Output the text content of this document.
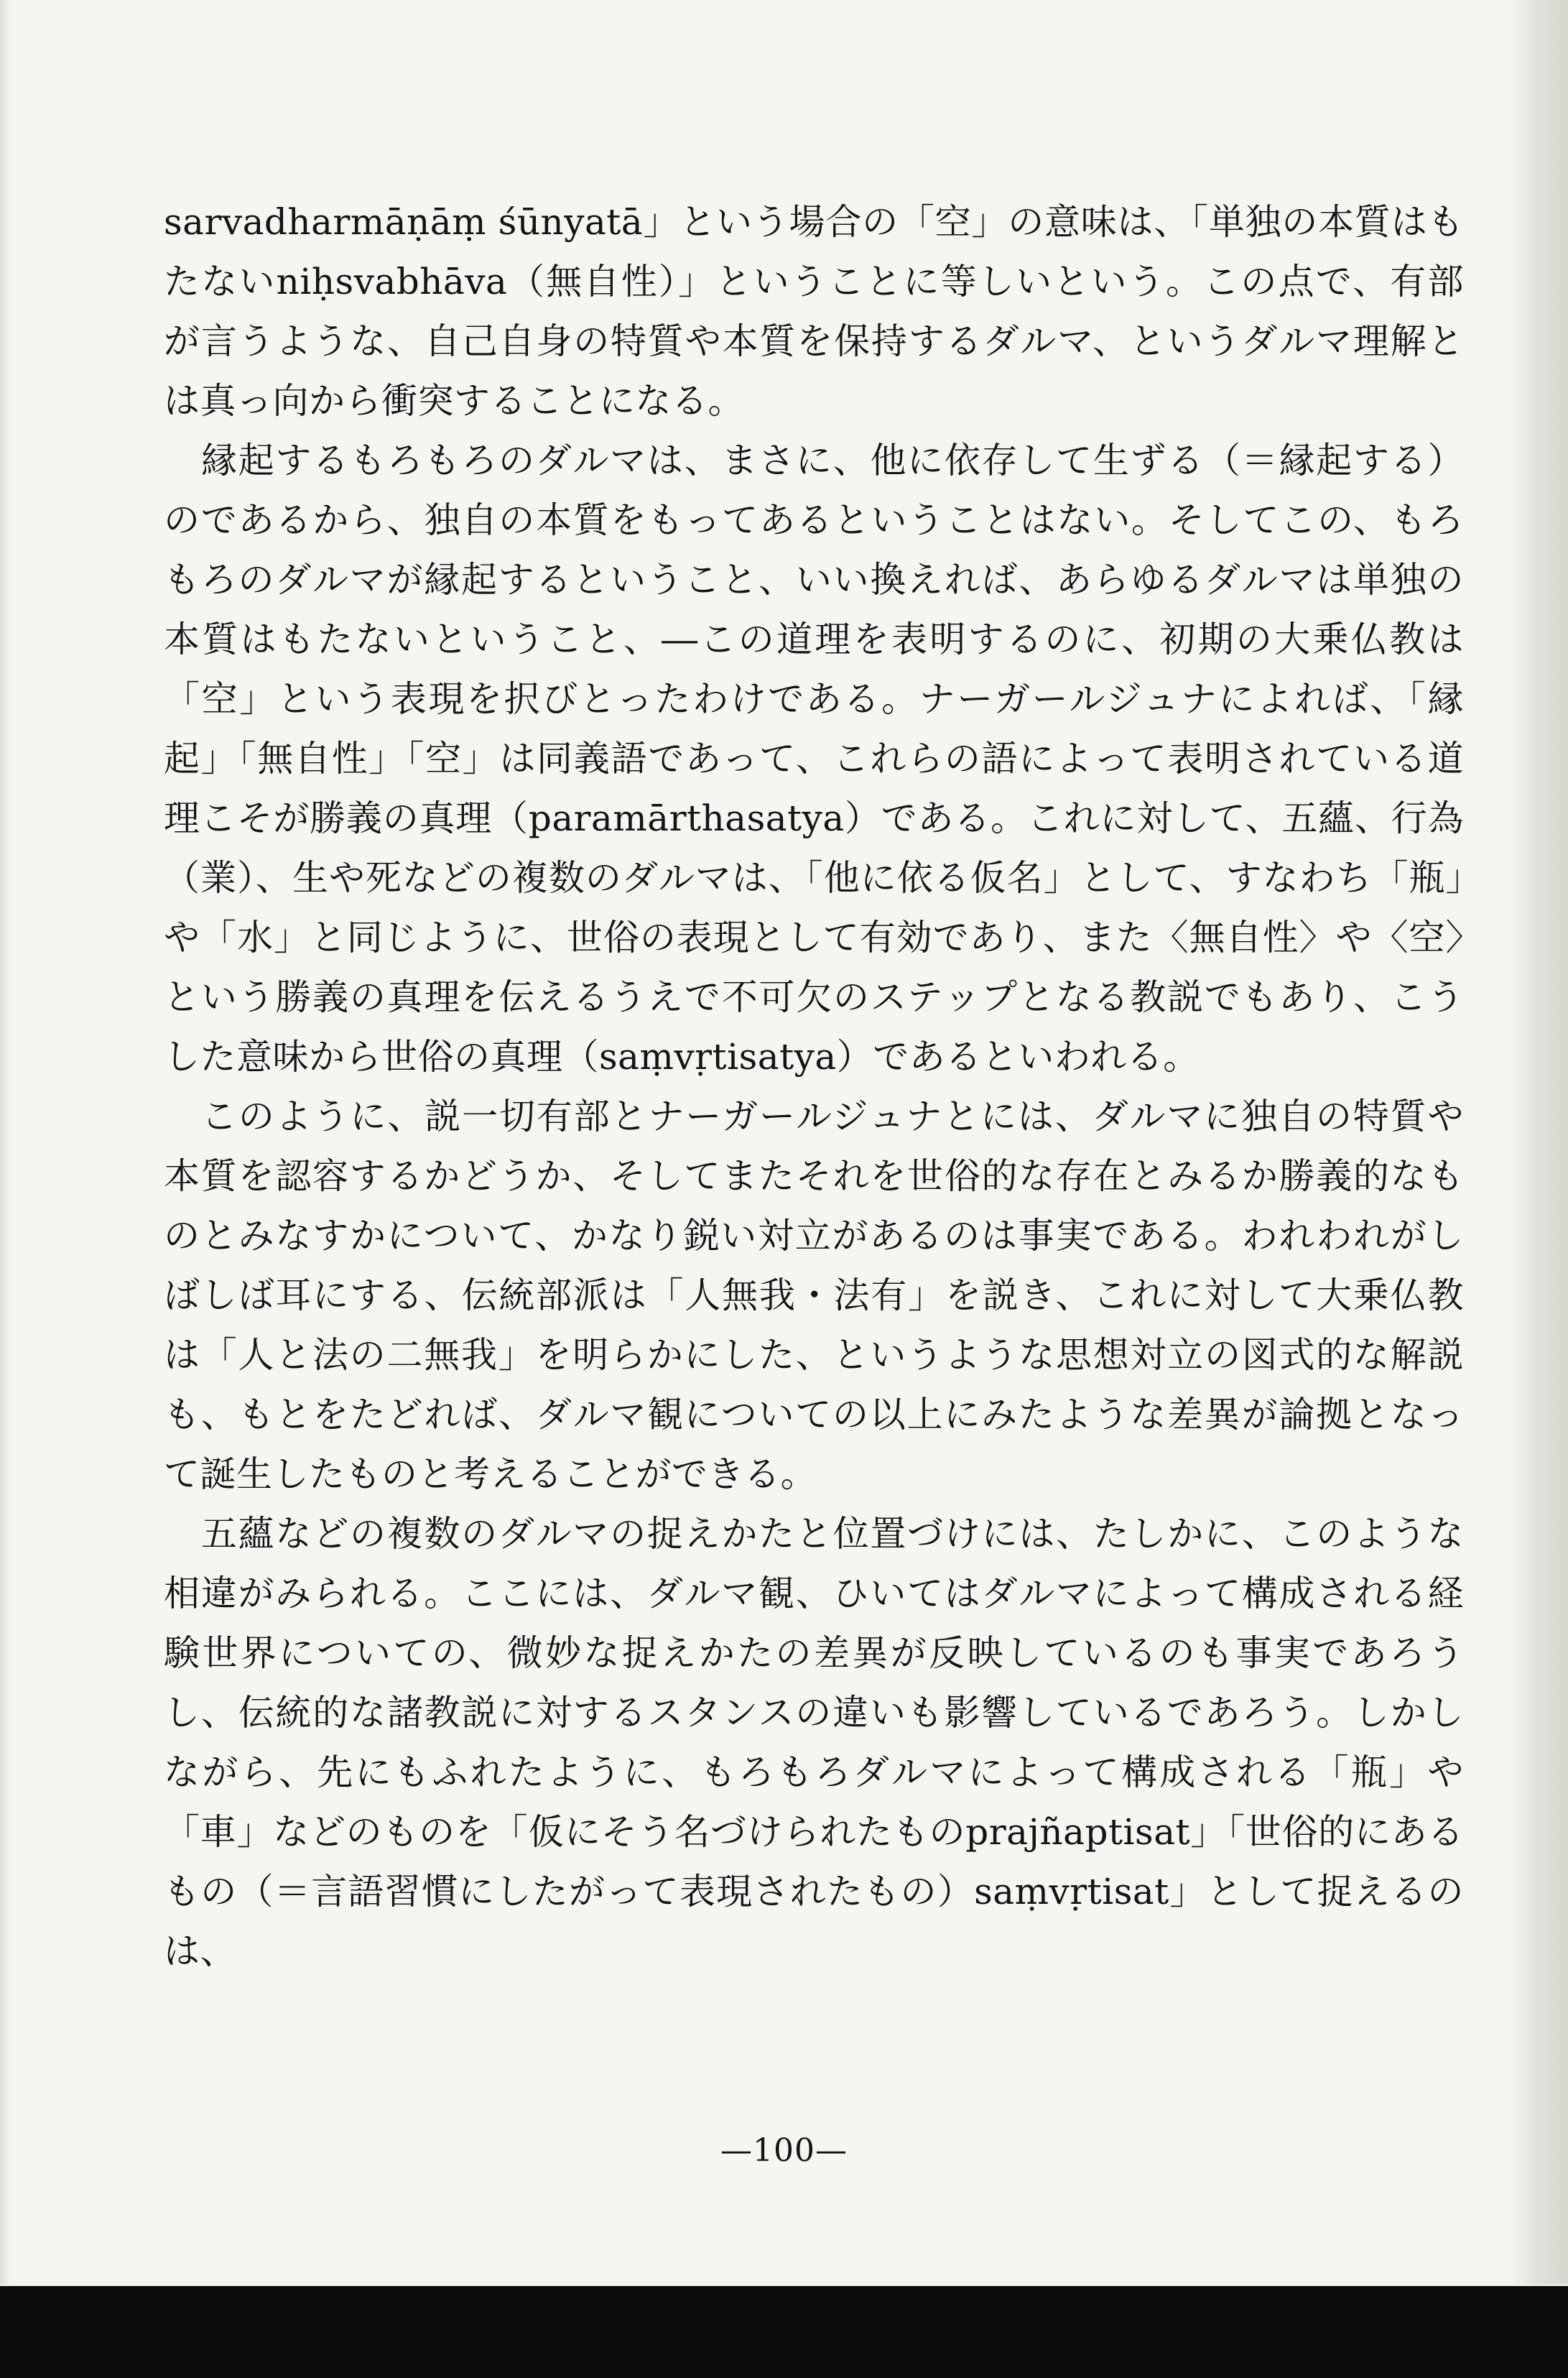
sarvadharmāṇāṃ śūnyatā」という場合の「空」の意味は、「単独の本質はもたないniḥsvabhāva（無自性）」ということに等しいという。この点で、有部が言うような、自己自身の特質や本質を保持するダルマ、というダルマ理解とは真っ向から衝突することになる。

縁起するもろもろのダルマは、まさに、他に依存して生ずる（＝縁起する）のであるから、独自の本質をもってあるということはない。そしてこの、もろもろのダルマが縁起するということ、いい換えれば、あらゆるダルマは単独の本質はもたないということ、―この道理を表明するのに、初期の大乗仏教は「空」という表現を択びとったわけである。ナーガールジュナによれば、「縁起」「無自性」「空」は同義語であって、これらの語によって表明されている道理こそが勝義の真理（paramārthasatya）である。これに対して、五蘊、行為（業）、生や死などの複数のダルマは、「他に依る仮名」として、すなわち「瓶」や「水」と同じように、世俗の表現として有効であり、また〈無自性〉や〈空〉という勝義の真理を伝えるうえで不可欠のステップとなる教説でもあり、こうした意味から世俗の真理（saṃvṛtisatya）であるといわれる。

このように、説一切有部とナーガールジュナとには、ダルマに独自の特質や本質を認容するかどうか、そしてまたそれを世俗的な存在とみるか勝義的なものとみなすかについて、かなり鋭い対立があるのは事実である。われわれがしばしば耳にする、伝統部派は「人無我・法有」を説き、これに対して大乗仏教は「人と法の二無我」を明らかにした、というような思想対立の図式的な解説も、もとをたどれば、ダルマ観についての以上にみたような差異が論拠となって誕生したものと考えることができる。

五蘊などの複数のダルマの捉えかたと位置づけには、たしかに、このような相違がみられる。ここには、ダルマ観、ひいてはダルマによって構成される経験世界についての、微妙な捉えかたの差異が反映しているのも事実であろうし、伝統的な諸教説に対するスタンスの違いも影響しているであろう。しかしながら、先にもふれたように、もろもろダルマによって構成される「瓶」や「車」などのものを「仮にそう名づけられたものprajñaptisat」「世俗的にあるもの（＝言語習慣にしたがって表現されたもの）saṃvṛtisat」として捉えるのは、

—100—
